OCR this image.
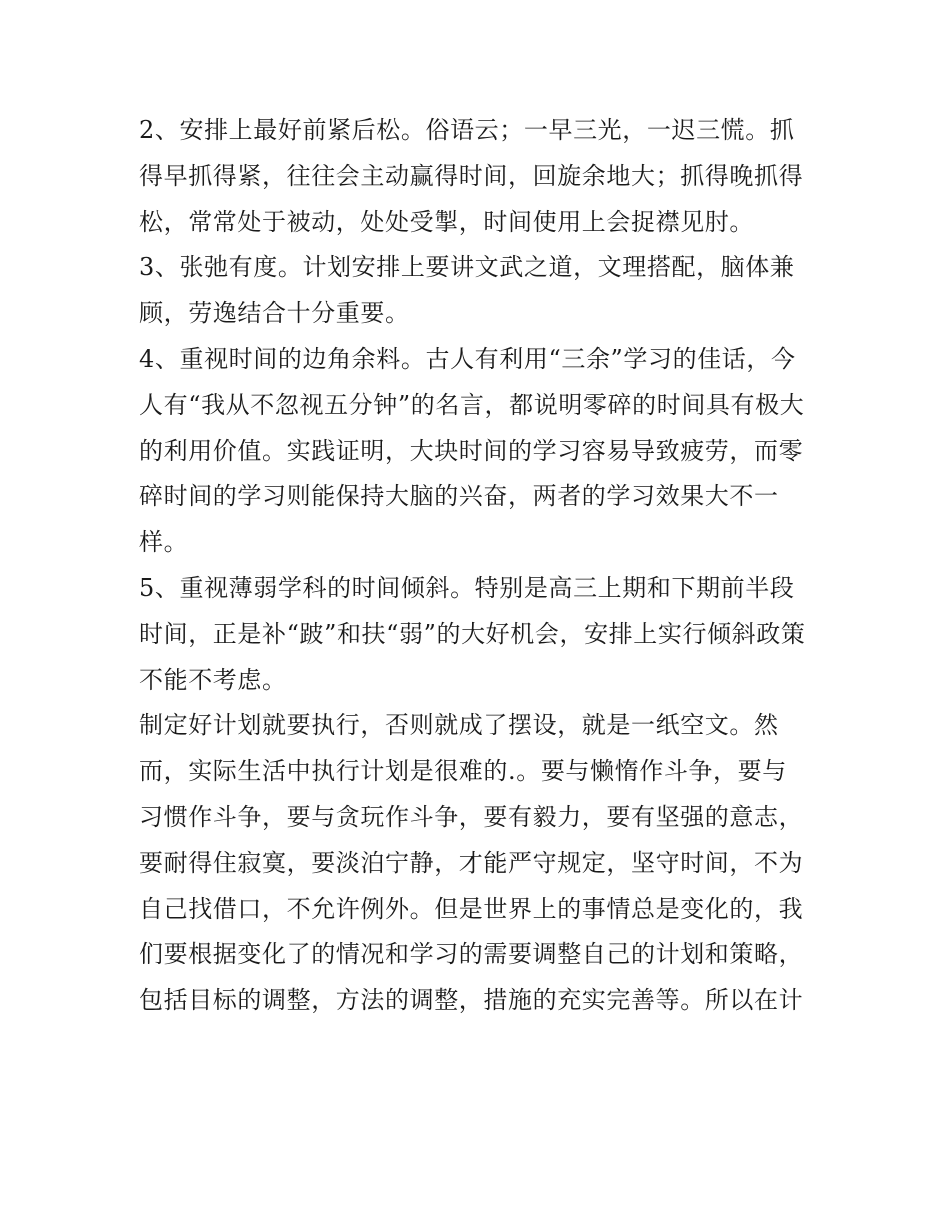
2、安排上最好前紧后松。俗语云；一早三光，一迟三慌。抓
得早抓得紧，往往会主动赢得时间，回旋余地大；抓得晚抓得
松，常常处于被动，处处受掣，时间使用上会捉襟见肘。
3、张弛有度。计划安排上要讲文武之道，文理搭配，脑体兼
顾，劳逸结合十分重要。
4、重视时间的边角余料。古人有利用“三余”学习的佳话，今
人有“我从不忽视五分钟”的名言，都说明零碎的时间具有极大
的利用价值。实践证明，大块时间的学习容易导致疲劳，而零
碎时间的学习则能保持大脑的兴奋，两者的学习效果大不一
样。
5、重视薄弱学科的时间倾斜。特别是高三上期和下期前半段
时间，正是补“跛”和扶“弱”的大好机会，安排上实行倾斜政策
不能不考虑。
制定好计划就要执行，否则就成了摆设，就是一纸空文。然
而，实际生活中执行计划是很难的.。要与懒惰作斗争，要与
习惯作斗争，要与贪玩作斗争，要有毅力，要有坚强的意志，
要耐得住寂寞，要淡泊宁静，才能严守规定，坚守时间，不为
自己找借口，不允许例外。但是世界上的事情总是变化的，我
们要根据变化了的情况和学习的需要调整自己的计划和策略，
包括目标的调整，方法的调整，措施的充实完善等。所以在计
